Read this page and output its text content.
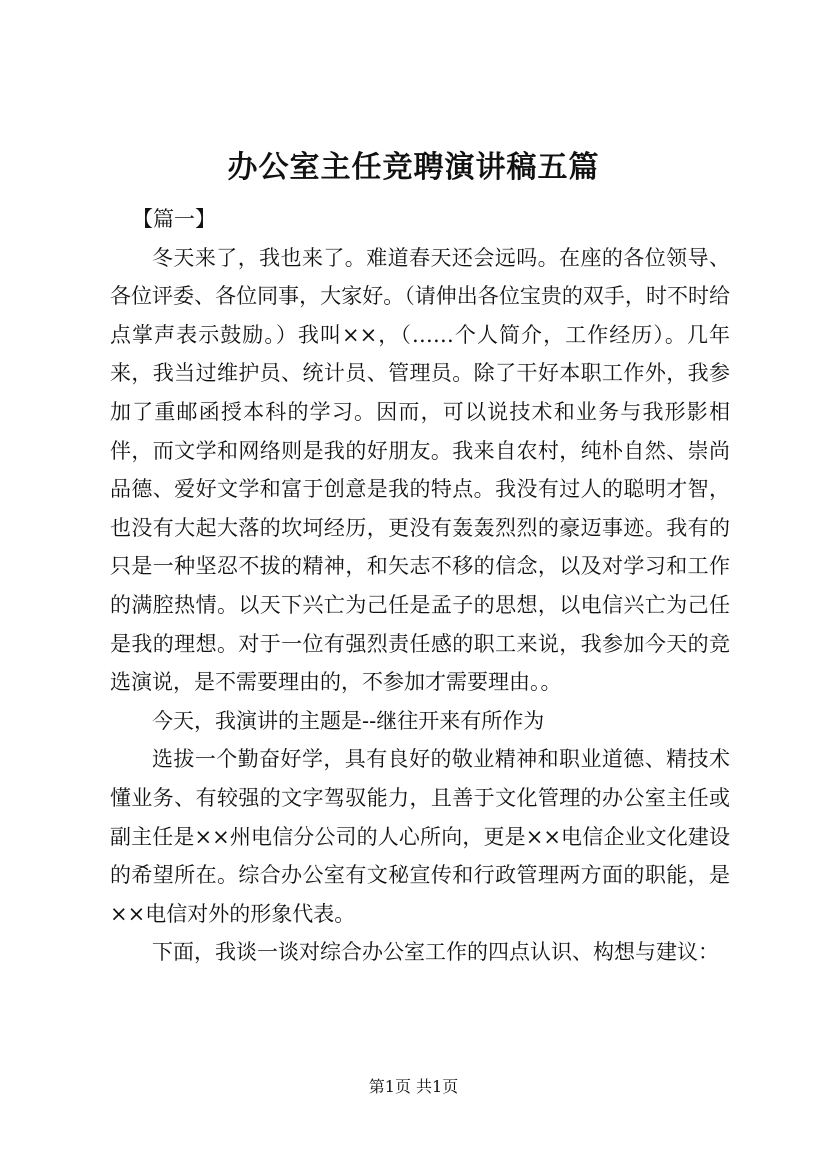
办公室主任竞聘演讲稿五篇

【篇一】

冬天来了，我也来了。难道春天还会远吗。在座的各位领导、各位评委、各位同事，大家好。（请伸出各位宝贵的双手，时不时给点掌声表示鼓励。）我叫××，（……个人简介，工作经历）。几年来，我当过维护员、统计员、管理员。除了干好本职工作外，我参加了重邮函授本科的学习。因而，可以说技术和业务与我形影相伴，而文学和网络则是我的好朋友。我来自农村，纯朴自然、崇尚品德、爱好文学和富于创意是我的特点。我没有过人的聪明才智，也没有大起大落的坎坷经历，更没有轰轰烈烈的豪迈事迹。我有的只是一种坚忍不拔的精神，和矢志不移的信念，以及对学习和工作的满腔热情。以天下兴亡为己任是孟子的思想，以电信兴亡为己任是我的理想。对于一位有强烈责任感的职工来说，我参加今天的竞选演说，是不需要理由的，不参加才需要理由。。

今天，我演讲的主题是--继往开来有所作为

选拔一个勤奋好学，具有良好的敬业精神和职业道德、精技术懂业务、有较强的文字驾驭能力，且善于文化管理的办公室主任或副主任是××州电信分公司的人心所向，更是××电信企业文化建设的希望所在。综合办公室有文秘宣传和行政管理两方面的职能，是××电信对外的形象代表。

下面，我谈一谈对综合办公室工作的四点认识、构想与建议：

第1页 共1页
